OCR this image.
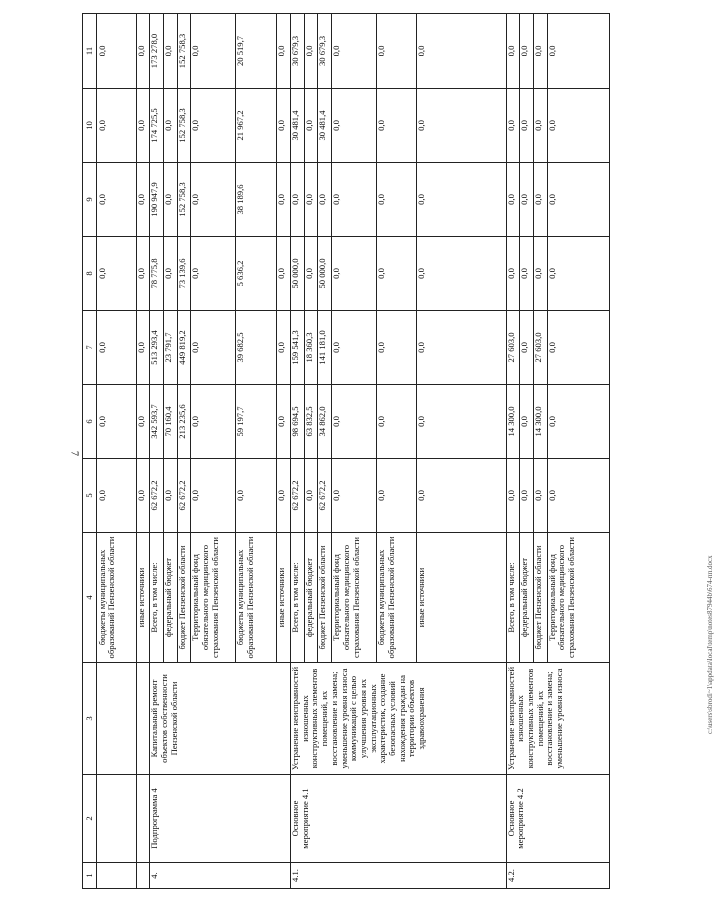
7
1	2	3	4	5	6	7	8	9	10	11
			бюджеты муниципальных образований Пензенской области	0,0	0,0	0,0	0,0	0,0	0,0	0,0
			иные источники	0,0	0,0	0,0	0,0	0,0	0,0	0,0
4.	Подпрограмма 4	Капитальный ремонт объектов собственности Пензенской области	Всего, в том числе:	62 672,2	342 593,7	513 293,4	78 775,8	190 947,9	174 725,5	173 278,0
			федеральный бюджет	0,0	70 160,4	23 791,7	0,0	0,0	0,0	0,0
			бюджет Пензенской области	62 672,2	213 235,6	449 819,2	73 139,6	152 758,3	152 758,3	152 758,3
			Территориальный фонд обязательного медицинского страхования Пензенской области	0,0	0,0	0,0	0,0	0,0	0,0	0,0
			бюджеты муниципальных образований Пензенской области	0,0	59 197,7	39 682,5	5 636,2	38 189,6	21 967,2	20 519,7
			иные источники	0,0	0,0	0,0	0,0	0,0	0,0	0,0
4.1.	Основное мероприятие 4.1	Устранение неисправностей изношенных конструктивных элементов помещений, их восстановление и замена; уменьшение уровня износа коммуникаций с целью улучшения уровня их эксплуатационных характеристик, создание безопасных условий нахождения граждан на территории объектов здравоохранения	Всего, в том числе:	62 672,2	98 694,5	159 541,3	50 000,0	0,0	30 481,4	30 679,3
			федеральный бюджет	0,0	63 832,5	18 360,3	0,0	0,0	0,0	0,0
			бюджет Пензенской области	62 672,2	34 862,0	141 181,0	50 000,0	0,0	30 481,4	30 679,3
			Территориальный фонд обязательного медицинского страхования Пензенской области	0,0	0,0	0,0	0,0	0,0	0,0	0,0
			бюджеты муниципальных образований Пензенской области	0,0	0,0	0,0	0,0	0,0	0,0	0,0
			иные источники	0,0	0,0	0,0	0,0	0,0	0,0	0,0
4.2.	Основное мероприятие 4.2	Устранение неисправностей изношенных конструктивных элементов помещений, их восстановление и замена; уменьшение уровня износа	Всего, в том числе:	0,0	14 300,0	27 603,0	0,0	0,0	0,0	0,0
			федеральный бюджет	0,0	0,0	0,0	0,0	0,0	0,0	0,0
			бюджет Пензенской области	0,0	14 300,0	27 603,0	0,0	0,0	0,0	0,0
			Территориальный фонд обязательного медицинского страхования Пензенской области	0,0	0,0	0,0	0,0	0,0	0,0	0,0
c:\users\sbrodi~1\appdata\local\temp\notes87944b\674-пп.docx
